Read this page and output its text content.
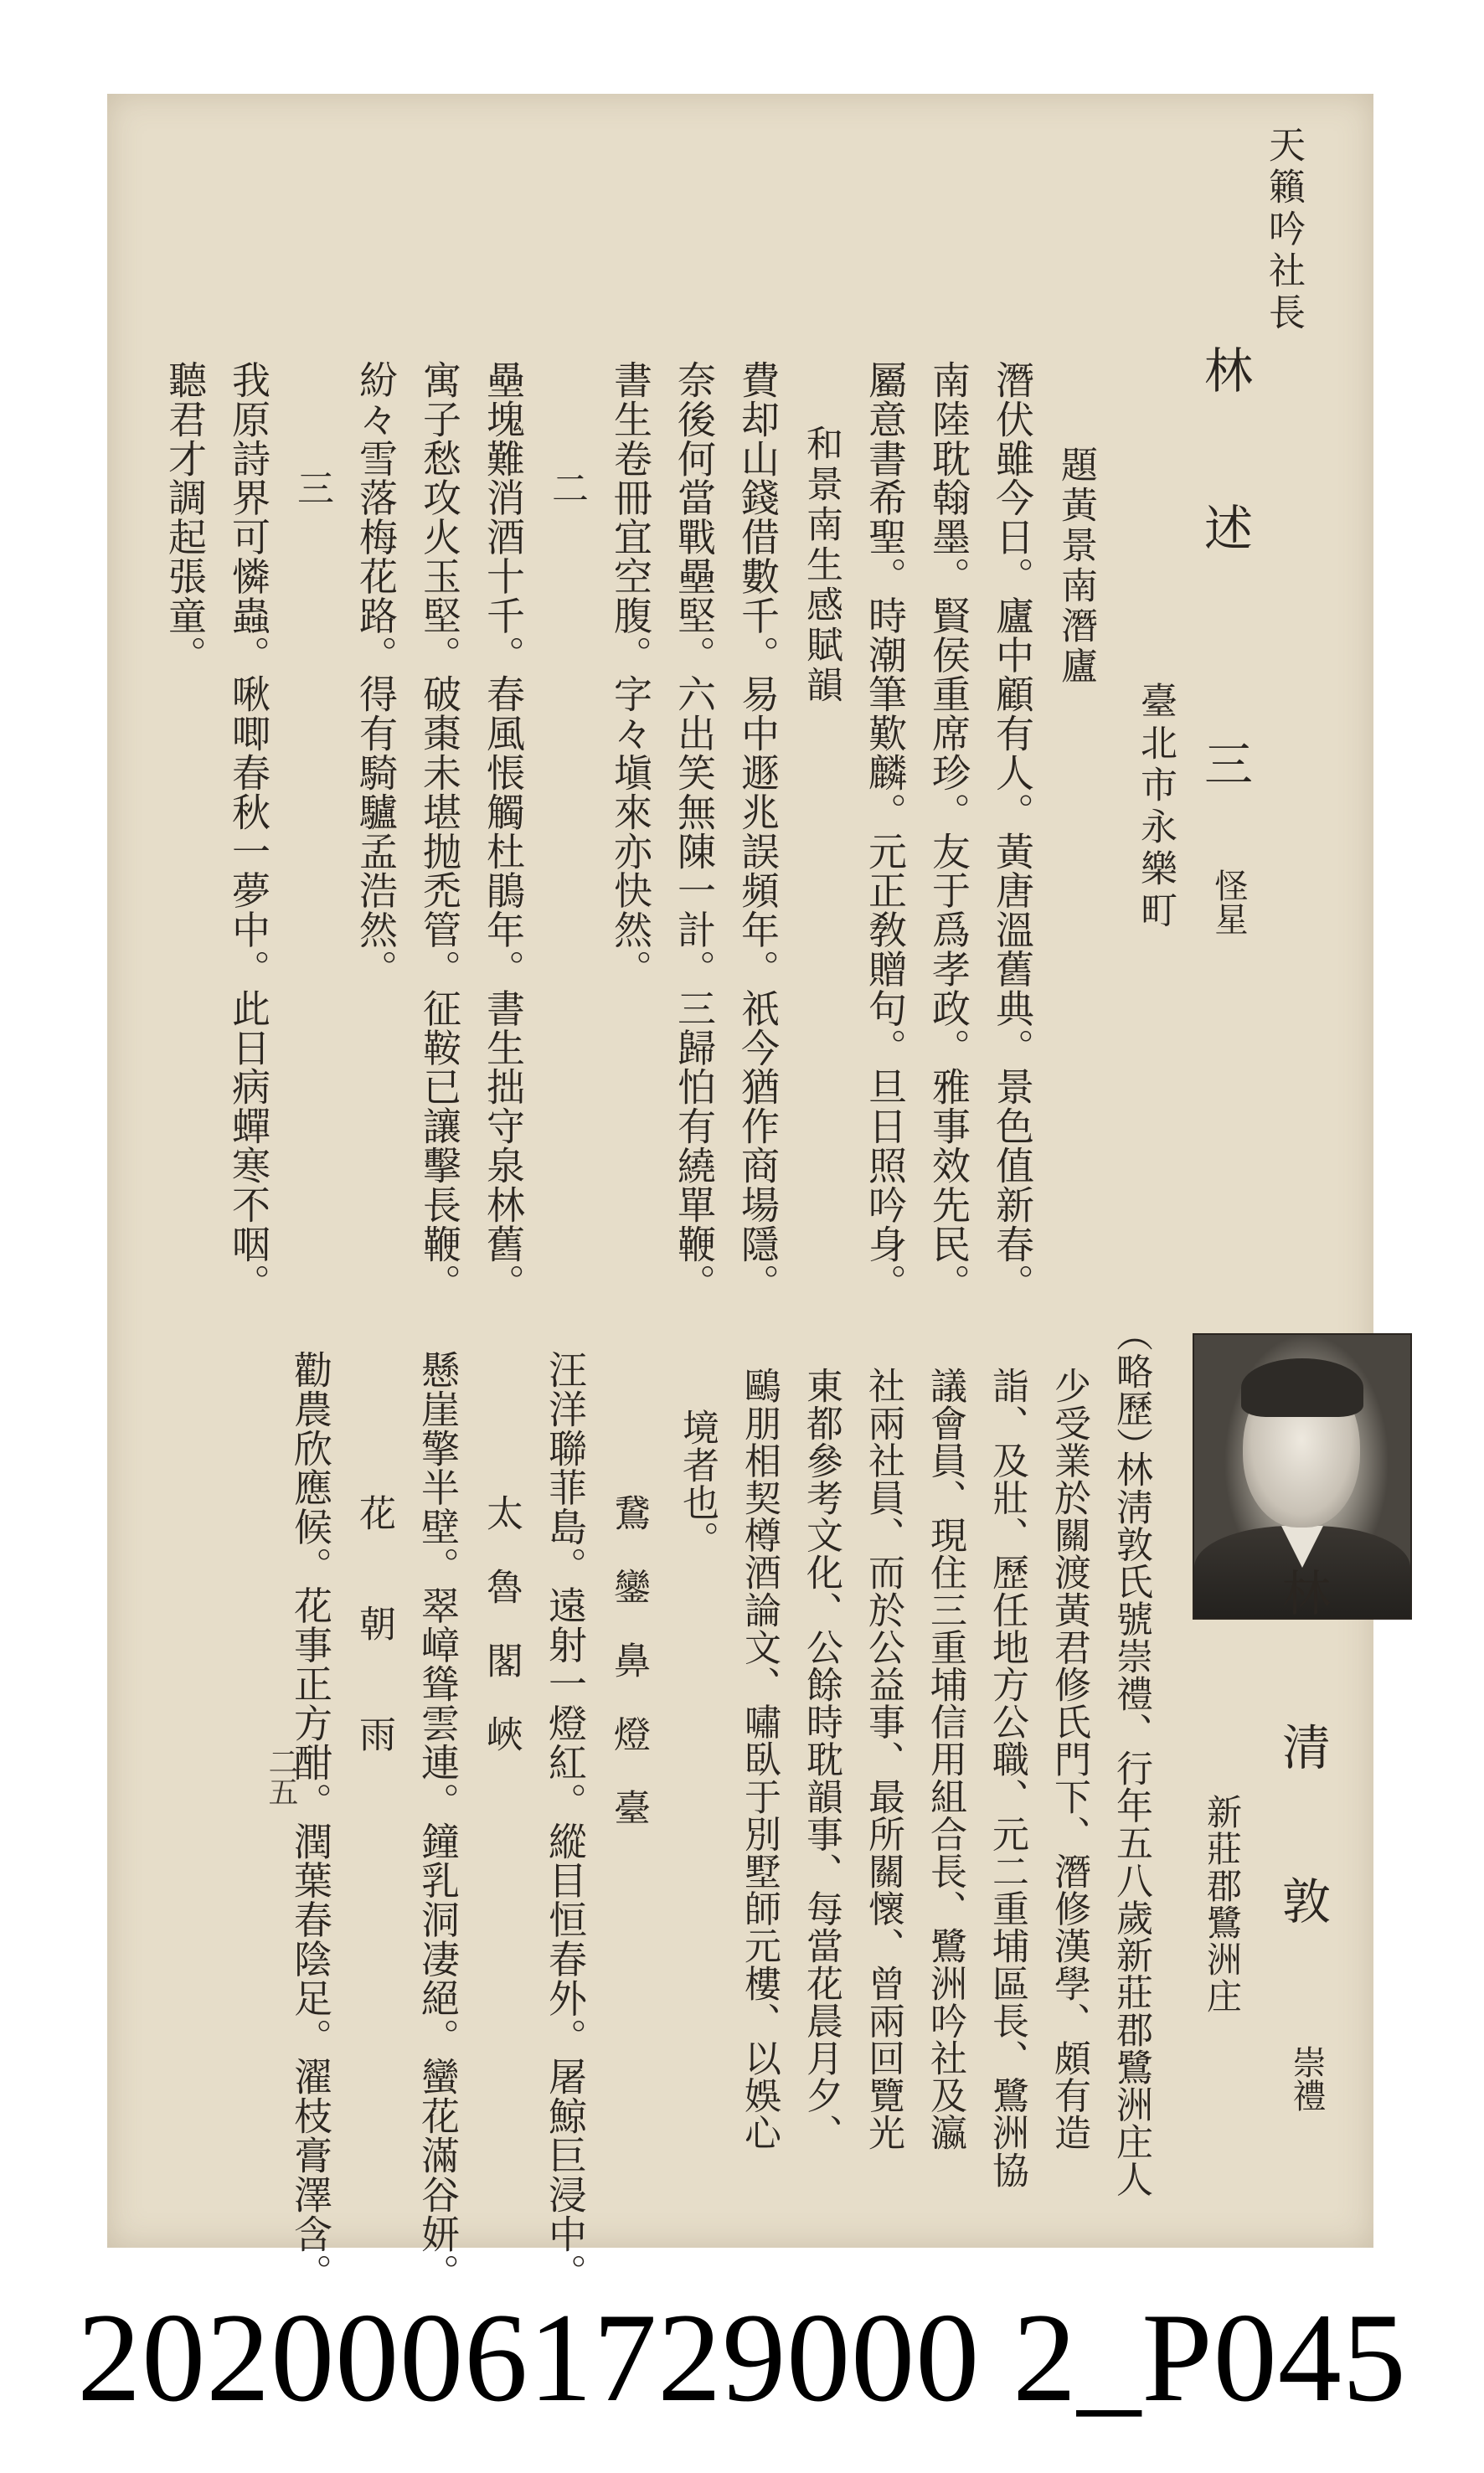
天籟吟社長
林　述　　三
怪星
臺北市永樂町
題黃景南潛廬
潛伏雖今日。廬中顧有人。黃唐溫舊典。景色值新春。
南陸耽翰墨。賢侯重席珍。友于爲孝政。雅事效先民。
屬意書希聖。時潮筆歎麟。元正敎贈句。旦日照吟身。
和景南生感賦韻
費却山錢借數千。易中遯兆誤頻年。祇今猶作商場隱。
奈後何當戰壘堅。六出笑無陳一計。三歸怕有繞單鞭。
書生卷冊宜空腹。字々塡來亦快然。
二
壘塊難消酒十千。春風悵觸杜鵑年。書生拙守泉林舊。
寓子愁攻火玉堅。破棗未堪抛禿管。征鞍已讓擊長鞭。
紛々雪落梅花路。得有騎驢孟浩然。
三
我原詩界可憐蟲。啾唧春秋一夢中。此日病蟬寒不咽。
聽君才調起張童。
林　清　敦
崇禮
新莊郡鷺洲庄
（略歷）
林淸敦氏號崇禮、行年五八歲新莊郡鷺洲庄人
少受業於關渡黃君修氏門下、潛修漢學、頗有造
詣、及壯、歷任地方公職、元二重埔區長、鷺洲協
議會員、現住三重埔信用組合長、鷺洲吟社及瀛
社兩社員、而於公益事、最所關懷、曾兩回覽光
東都參考文化、公餘時耽韻事、每當花晨月夕、
鷗朋相契樽酒論文、嘯臥于別墅師元樓、以娛心
境者也。
鵞　鑾　鼻　燈　臺
汪洋聯菲島。遠射一燈紅。縱目恒春外。屠鯨巨浸中。
太　魯　閣　峽
懸崖擎半壁。翠嶂聳雲連。鐘乳洞凄絕。蠻花滿谷妍。
花　　朝　　雨
勸農欣應候。花事正方酣。潤葉春陰足。濯枝膏澤含。
二五
20200061729000 2_P045
